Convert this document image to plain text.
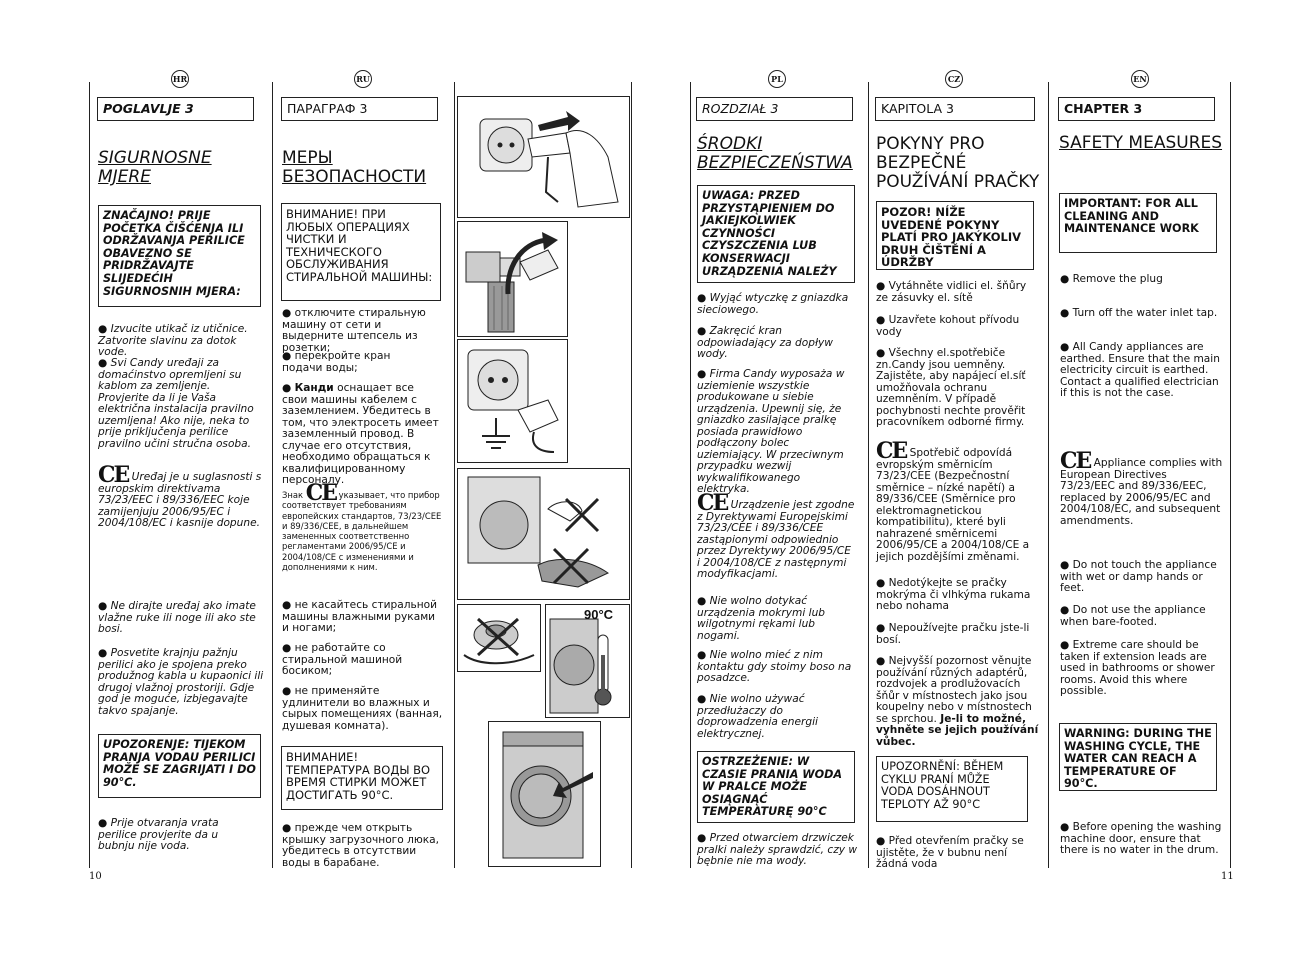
HR
POGLAVLJE 3
SIGURNOSNE MJERE
ZNAČAJNO! PRIJE POČETKA ČIŠĆENJA ILI ODRŽAVANJA PERILICE OBAVEZNO SE PRIDRŽAVAJTE SLIJEDEĆIH SIGURNOSNIH MJERA:
● Izvucite utikač iz utičnice. Zatvorite slavinu za dotok vode.
● Svi Candy uređaji za domaćinstvo opremljeni su kablom za zemljenje. Provjerite da li je Vaša električna instalacija pravilno uzemljena! Ako nije, neka to prije priključenja perilice pravilno učini stručna osoba.
CE Uređaj je u suglasnosti s europskim direktivama 73/23/EEC i 89/336/EEC koje zamijenjuju 2006/95/EC i 2004/108/EC i kasnije dopune.
● Ne dirajte uređaj ako imate vlažne ruke ili noge ili ako ste bosi.
● Posvetite krajnju pažnju perilici ako je spojena preko produžnog kabla u kupaonici ili drugoj vlažnoj prostoriji. Gdje god je moguće, izbjegavajte takvo spajanje.
UPOZORENJE: TIJEKOM PRANJA VODAU PERILICI MOŽE SE ZAGRIJATI I DO 90°C.
● Prije otvaranja vrata perilice provjerite da u bubnju nije voda.
RU
ПАРАГРАФ 3
МЕРЫ БЕЗОПАСНОСТИ
ВНИМАНИЕ! ПРИ ЛЮБЫХ ОПЕРАЦИЯХ ЧИСТКИ И ТЕХНИЧЕСКОГО ОБСЛУЖИВАНИЯ СТИРАЛЬНОЙ МАШИНЫ:
● отключите стиральную машину от сети и выдерните штепсель из розетки;
● перекройте кран подачи воды;
● Канди оснащает все свои машины кабелем с заземлением. Убедитесь в том, что электросеть имеет заземленный провод. В случае его отсутствия, необходимо обращаться к квалифицированному персоналу.
Знак CE указывает, что прибор соответствует требованиям европейских стандартов, 73/23/CEE и 89/336/CEE, в дальнейшем замененных соответственно регламентами 2006/95/CE и 2004/108/CE с изменениями и дополнениями к ним.
● не касайтесь стиральной машины влажными руками и ногами;
● не работайте со стиральной машиной босиком;
● не применяйте удлинители во влажных и сырых помещениях (ванная, душевая комната).
ВНИМАНИЕ! ТЕМПЕРАТУРА ВОДЫ ВО ВРЕМЯ СТИРКИ МОЖЕТ ДОСТИГАТЬ 90°C.
● прежде чем открыть крышку загрузочного люка, убедитесь в отсутствии воды в барабане.
90°C
PL
ROZDZIAŁ 3
ŚRODKI BEZPIECZEŃSTWA
UWAGA: PRZED PRZYSTĄPIENIEM DO JAKIEJKOLWIEK CZYNNOŚCI CZYSZCZENIA LUB KONSERWACJI URZĄDZENIA NALEŻY
● Wyjąć wtyczkę z gniazdka sieciowego.
● Zakręcić kran odpowiadający za dopływ wody.
● Firma Candy wyposaża w uziemienie wszystkie produkowane u siebie urządzenia. Upewnij się, że gniazdko zasilające pralkę posiada prawidłowo podłączony bolec uziemiający. W przeciwnym przypadku wezwij wykwalifikowanego elektryka.
CE Urządzenie jest zgodne z Dyrektywami Europejskimi 73/23/CEE i 89/336/CEE zastąpionymi odpowiednio przez Dyrektywy 2006/95/CE i 2004/108/CE z następnymi modyfikacjami.
● Nie wolno dotykać urządzenia mokrymi lub wilgotnymi rękami lub nogami.
● Nie wolno mieć z nim kontaktu gdy stoimy boso na posadzce.
● Nie wolno używać przedłużaczy do doprowadzenia energii elektrycznej.
OSTRZEŻENIE: W CZASIE PRANIA WODA W PRALCE MOŻE OSIĄGNĄĆ TEMPERATURĘ 90°C
● Przed otwarciem drzwiczek pralki należy sprawdzić, czy w bębnie nie ma wody.
CZ
KAPITOLA 3
POKYNY PRO BEZPEČNÉ POUŽÍVÁNÍ PRAČKY
POZOR! NÍŽE UVEDENÉ POKYNY PLATÍ PRO JAKÝKOLIV DRUH ČIŠTĚNÍ A ÚDRŽBY
● Vytáhněte vidlici el. šňůry ze zásuvky el. sítě
● Uzavřete kohout přívodu vody
● Všechny el.spotřebiče zn.Candy jsou uemněny. Zajistěte, aby napájecí el.síť umožňovala ochranu uzemněním. V případě pochybnosti nechte prověřit pracovníkem odborné firmy.
CE Spotřebič odpovídá evropským směrnicím 73/23/CEE (Bezpečnostní směrnice – nízké napětí) a 89/336/CEE (Směrnice pro elektromagnetickou kompatibilitu), které byli nahrazené směrnicemi 2006/95/CE a 2004/108/CE a jejich pozdějšími změnami.
● Nedotýkejte se pračky mokrýma či vlhkýma rukama nebo nohama
● Nepoužívejte pračku jste-li bosí.
● Nejvyšší pozornost věnujte používání různých adaptérů, rozdvojek a prodlužovacích šňůr v místnostech jako jsou koupelny nebo v místnostech se sprchou. Je-li to možné, vyhněte se jejich používání vůbec.
UPOZORNĚNÍ: BĚHEM CYKLU PRANÍ MŮŽE VODA DOSÁHNOUT TEPLOTY AŽ 90°C
● Před otevřením pračky se ujistěte, že v bubnu není žádná voda
EN
CHAPTER 3
SAFETY MEASURES
IMPORTANT: FOR ALL CLEANING AND MAINTENANCE WORK
● Remove the plug
● Turn off the water inlet tap.
● All Candy appliances are earthed. Ensure that the main electricity circuit is earthed. Contact a qualified electrician if this is not the case.
CE Appliance complies with European Directives 73/23/EEC and 89/336/EEC, replaced by 2006/95/EC and 2004/108/EC, and subsequent amendments.
● Do not touch the appliance with wet or damp hands or feet.
● Do not use the appliance when bare-footed.
● Extreme care should be taken if extension leads are used in bathrooms or shower rooms. Avoid this where possible.
WARNING: DURING THE WASHING CYCLE, THE WATER CAN REACH A TEMPERATURE OF 90°C.
● Before opening the washing machine door, ensure that there is no water in the drum.
10	11
